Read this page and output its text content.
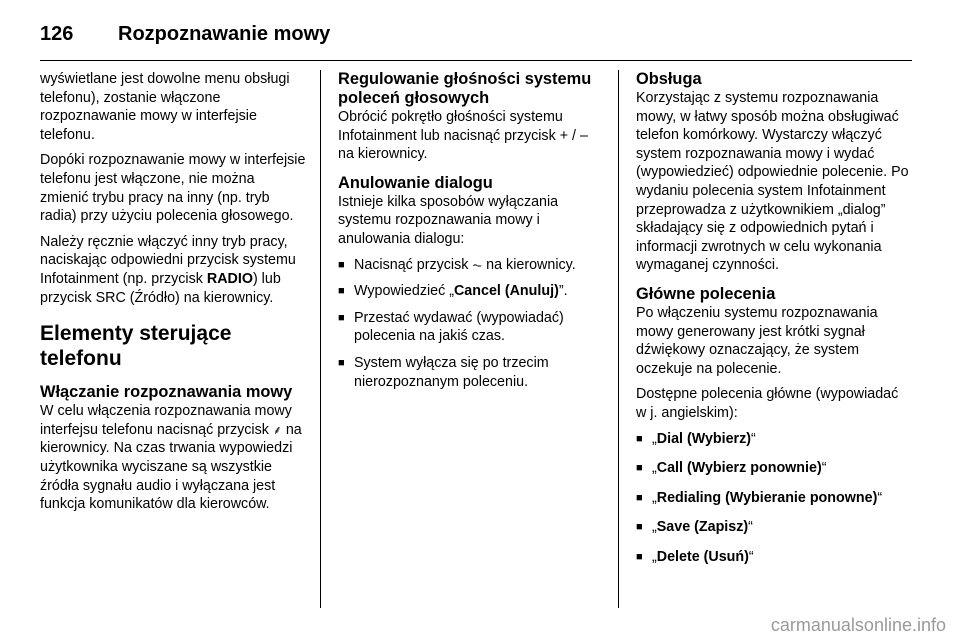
126	Rozpoznawanie mowy

wyświetlane jest dowolne menu obsługi telefonu), zostanie włączone rozpoznawanie mowy w interfejsie telefonu.

Dopóki rozpoznawanie mowy w interfejsie telefonu jest włączone, nie można zmienić trybu pracy na inny (np. tryb radia) przy użyciu polecenia głosowego.

Należy ręcznie włączyć inny tryb pracy, naciskając odpowiedni przycisk systemu Infotainment (np. przycisk RADIO) lub przycisk SRC (Źródło) na kierownicy.

Elementy sterujące telefonu
Włączanie rozpoznawania mowy

W celu włączenia rozpoznawania mowy interfejsu telefonu nacisnąć przycisk ⸙ na kierownicy. Na czas trwania wypowiedzi użytkownika wyciszane są wszystkie źródła sygnału audio i wyłączana jest funkcja komunikatów dla kierowców.

Regulowanie głośności systemu poleceń głosowych

Obrócić pokrętło głośności systemu Infotainment lub nacisnąć przycisk + / – na kierownicy.

Anulowanie dialogu

Istnieje kilka sposobów wyłączania systemu rozpoznawania mowy i anulowania dialogu:

■ Nacisnąć przycisk ⏦ na kierownicy.
■ Wypowiedzieć „Cancel (Anuluj)”.
■ Przestać wydawać (wypowiadać) polecenia na jakiś czas.
■ System wyłącza się po trzecim nierozpoznanym poleceniu.
Obsługa

Korzystając z systemu rozpoznawania mowy, w łatwy sposób można obsługiwać telefon komórkowy. Wystarczy włączyć system rozpoznawania mowy i wydać (wypowiedzieć) odpowiednie polecenie. Po wydaniu polecenia system Infotainment przeprowadza z użytkownikiem „dialog” składający się z odpowiednich pytań i informacji zwrotnych w celu wykonania wymaganej czynności.

Główne polecenia

Po włączeniu systemu rozpoznawania mowy generowany jest krótki sygnał dźwiękowy oznaczający, że system oczekuje na polecenie.

Dostępne polecenia główne (wypowiadać w j. angielskim):

■ „Dial (Wybierz)“
■ „Call (Wybierz ponownie)“
■ „Redialing (Wybieranie ponowne)“
■ „Save (Zapisz)“
■ „Delete (Usuń)“
carmanualsonline.info
